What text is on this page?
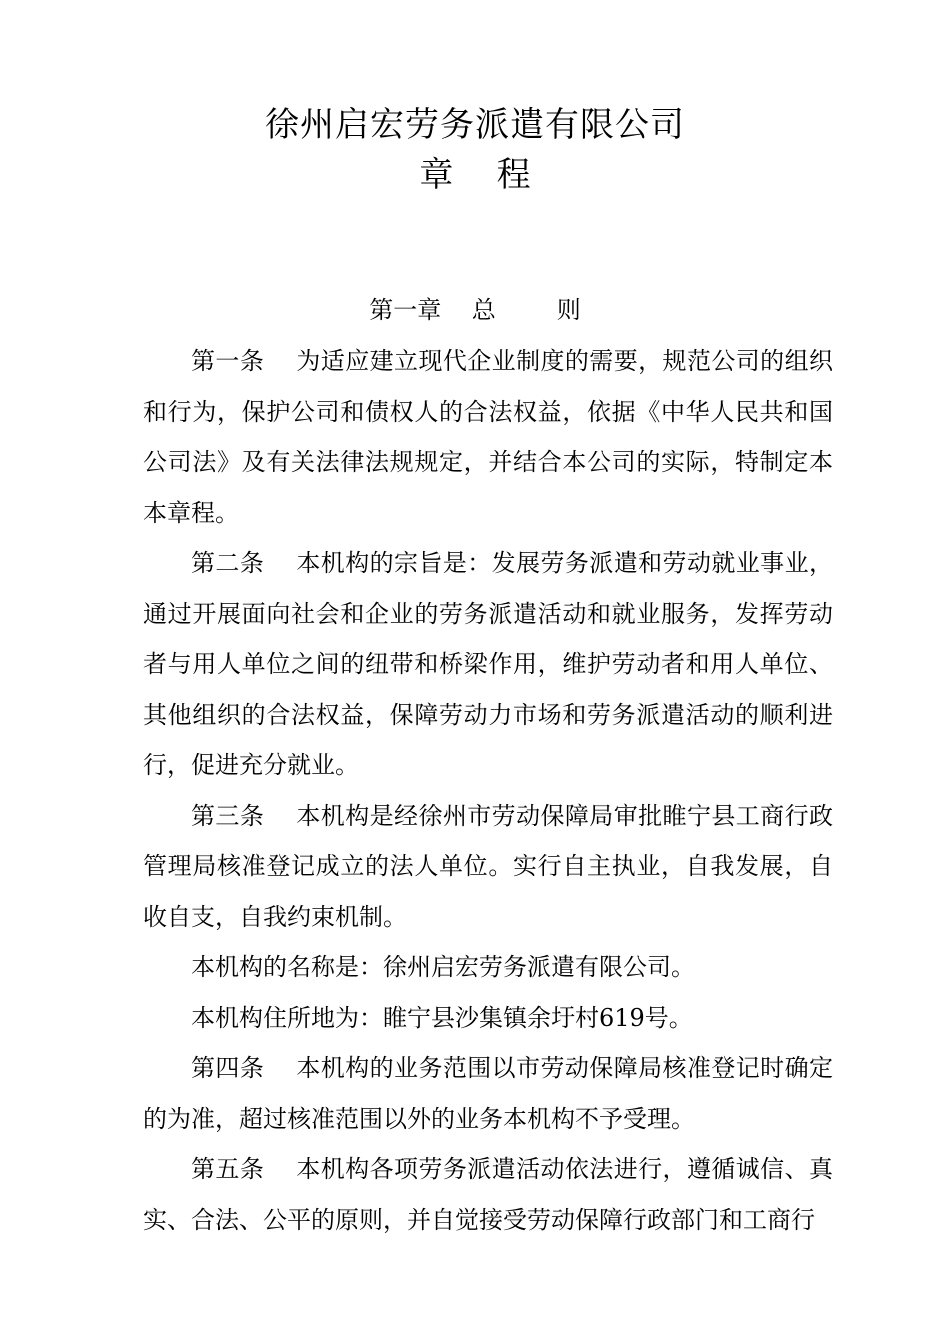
徐州启宏劳务派遣有限公司
章    程
第一章    总        则

第一条    为适应建立现代企业制度的需要，规范公司的组织和行为，保护公司和债权人的合法权益，依据《中华人民共和国公司法》及有关法律法规规定，并结合本公司的实际，特制定本本章程。

第二条    本机构的宗旨是：发展劳务派遣和劳动就业事业，通过开展面向社会和企业的劳务派遣活动和就业服务，发挥劳动者与用人单位之间的纽带和桥梁作用，维护劳动者和用人单位、其他组织的合法权益，保障劳动力市场和劳务派遣活动的顺利进行，促进充分就业。

第三条    本机构是经徐州市劳动保障局审批睢宁县工商行政管理局核准登记成立的法人单位。实行自主执业，自我发展，自收自支，自我约束机制。

本机构的名称是：徐州启宏劳务派遣有限公司。

本机构住所地为：睢宁县沙集镇余圩村619号。

第四条    本机构的业务范围以市劳动保障局核准登记时确定的为准，超过核准范围以外的业务本机构不予受理。

第五条    本机构各项劳务派遣活动依法进行，遵循诚信、真实、合法、公平的原则，并自觉接受劳动保障行政部门和工商行
